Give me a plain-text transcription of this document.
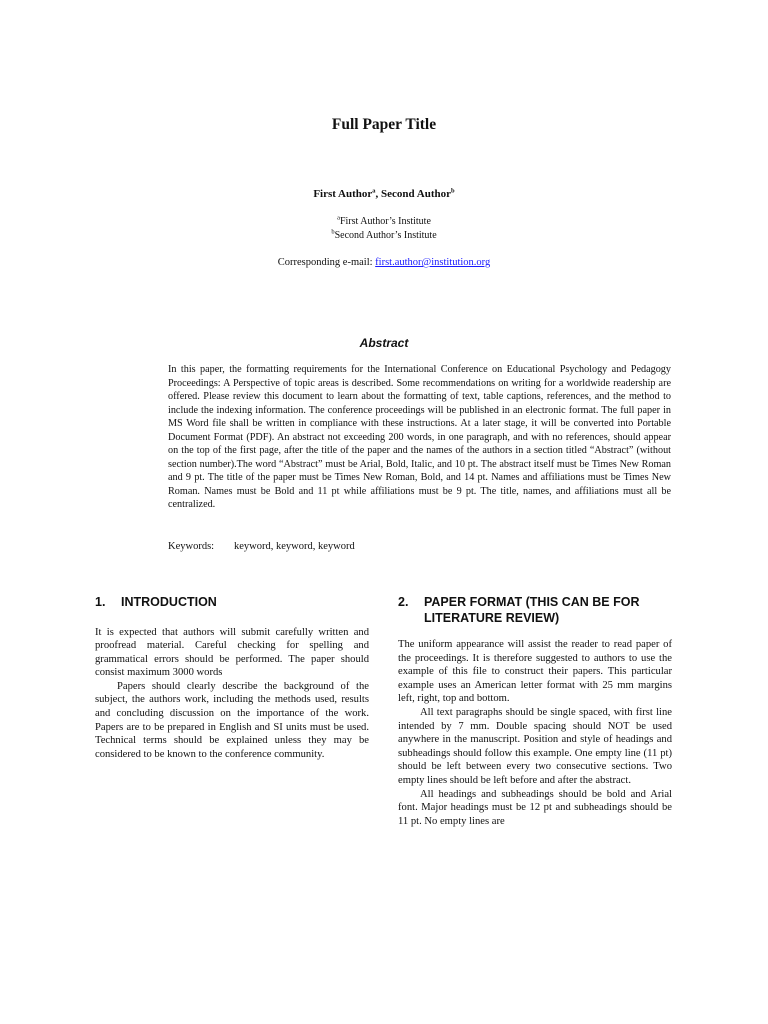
Full Paper Title
First Author$^a$, Second Author$^b$
$^a$First Author’s Institute
$^b$Second Author’s Institute
Corresponding e-mail: first.author@institution.org
Abstract
In this paper, the formatting requirements for the International Conference on Educational Psychology and Pedagogy Proceedings: A Perspective of topic areas is described. Some recommendations on writing for a worldwide readership are offered. Please review this document to learn about the formatting of text, table captions, references, and the method to include the indexing information. The conference proceedings will be published in an electronic format. The full paper in MS Word file shall be written in compliance with these instructions. At a later stage, it will be converted into Portable Document Format (PDF). An abstract not exceeding 200 words, in one paragraph, and with no references, should appear on the top of the first page, after the title of the paper and the names of the authors in a section titled “Abstract” (without section number).The word “Abstract” must be Arial, Bold, Italic, and 10 pt. The abstract itself must be Times New Roman and 9 pt. The title of the paper must be Times New Roman, Bold, and 14 pt. Names and affiliations must be Times New Roman. Names must be Bold and 11 pt while affiliations must be 9 pt. The title, names, and affiliations must all be centralized.
Keywords: keyword, keyword, keyword
1.	INTRODUCTION

It is expected that authors will submit carefully written and proofread material. Careful checking for spelling and grammatical errors should be performed. The paper should consist maximum 3000 words

Papers should clearly describe the background of the subject, the authors work, including the methods used, results and concluding discussion on the importance of the work. Papers are to be prepared in English and SI units must be used. Technical terms should be explained unless they may be considered to be known to the conference community.

2.	PAPER FORMAT (THIS CAN BE FOR LITERATURE REVIEW)

The uniform appearance will assist the reader to read paper of the proceedings. It is therefore suggested to authors to use the example of this file to construct their papers. This particular example uses an American letter format with 25 mm margins left, right, top and bottom.

All text paragraphs should be single spaced, with first line intended by 7 mm. Double spacing should NOT be used anywhere in the manuscript. Position and style of headings and subheadings should follow this example. One empty line (11 pt) should be left between every two consecutive sections. Two empty lines should be left before and after the abstract.

All headings and subheadings should be bold and Arial font. Major headings must be 12 pt and subheadings should be 11 pt. No empty lines are
